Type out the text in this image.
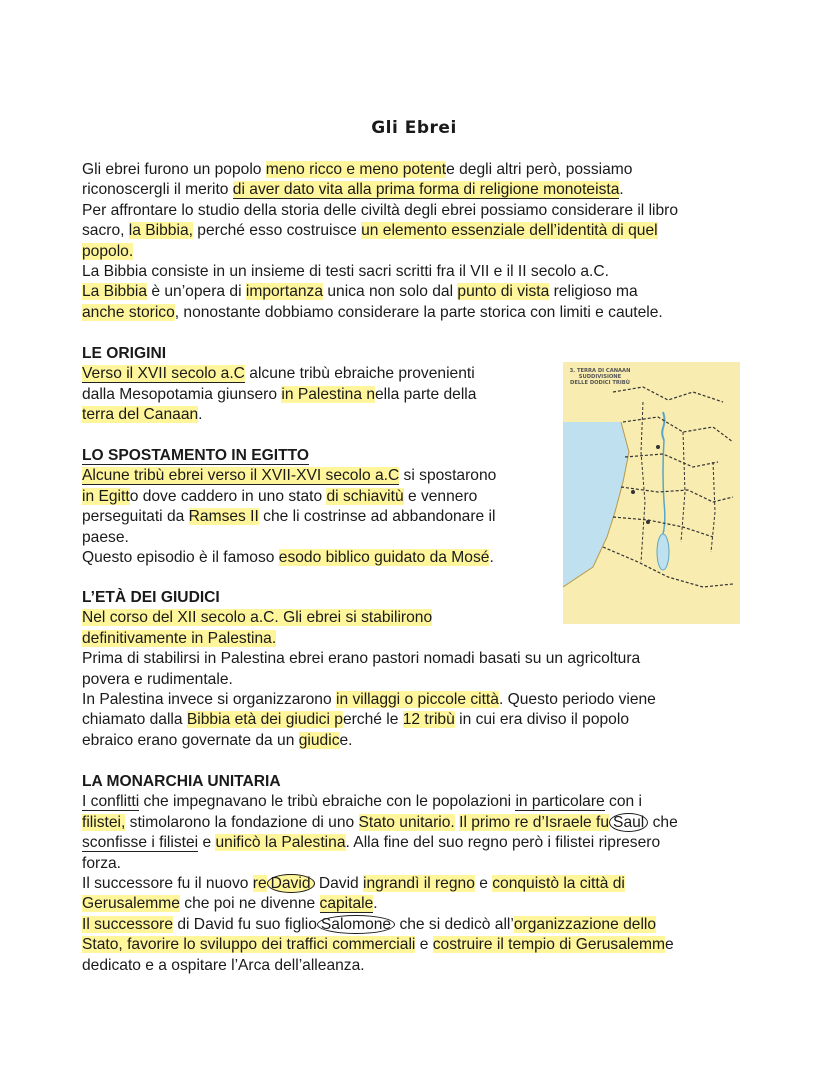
Gli Ebrei

Gli ebrei furono un popolo meno ricco e meno potente degli altri però, possiamo

riconoscergli il merito di aver dato vita alla prima forma di religione monoteista.

Per affrontare lo studio della storia delle civiltà degli ebrei possiamo considerare il libro

sacro, la Bibbia, perché esso costruisce un elemento essenziale dell’identità di quel

popolo.

La Bibbia consiste in un insieme di testi sacri scritti fra il VII e il II secolo a.C.

La Bibbia è un’opera di importanza unica non solo dal punto di vista religioso ma

anche storico, nonostante dobbiamo considerare la parte storica con limiti e cautele.

LE ORIGINI

Verso il XVII secolo a.C alcune tribù ebraiche provenienti

dalla Mesopotamia giunsero in Palestina nella parte della

terra del Canaan.

LO SPOSTAMENTO IN EGITTO

Alcune tribù ebrei verso il XVII-XVI secolo a.C si spostarono

in Egitto dove caddero in uno stato di schiavitù e vennero

perseguitati da Ramses II che li costrinse ad abbandonare il

paese.

Questo episodio è il famoso esodo biblico guidato da Mosé.

L’ETÀ DEI GIUDICI

Nel corso del XII secolo a.C. Gli ebrei si stabilirono

definitivamente in Palestina.

Prima di stabilirsi in Palestina ebrei erano pastori nomadi basati su un agricoltura

povera e rudimentale.

In Palestina invece si organizzarono in villaggi o piccole città. Questo periodo viene

chiamato dalla Bibbia età dei giudici perché le 12 tribù in cui era diviso il popolo

ebraico erano governate da un giudice.

LA MONARCHIA UNITARIA

I conflitti che impegnavano le tribù ebraiche con le popolazioni in particolare con i

filistei, stimolarono la fondazione di uno Stato unitario. Il primo re d’Israele fu Saul che

sconfisse i filistei e unificò la Palestina. Alla fine del suo regno però i filistei ripresero

forza.

Il successore fu il nuovo re David David ingrandì il regno e conquistò la città di

Gerusalemme che poi ne divenne capitale.

Il successore di David fu suo figlio Salomone che si dedicò all’organizzazione dello

Stato, favorire lo sviluppo dei traffici commerciali e costruire il tempio di Gerusalemme

dedicato e a ospitare l’Arca dell’alleanza.

3. TERRA DI CANAAN SUDDIVISIONE DELLE DODICI TRIBÙ
